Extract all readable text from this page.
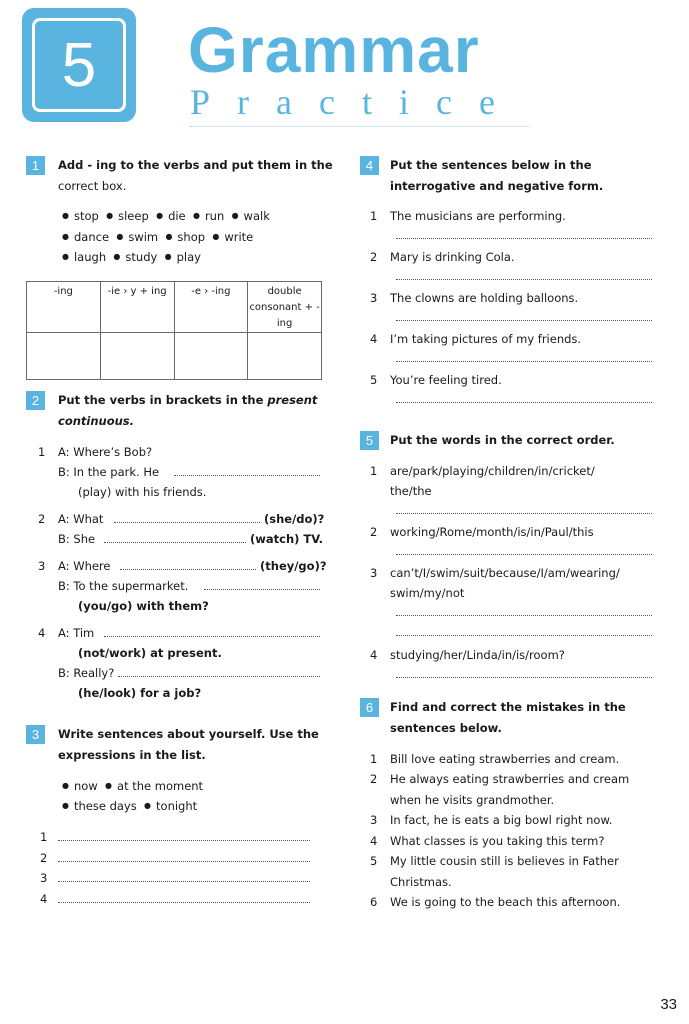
5	Grammar
Practice
1	Add - ing to the verbs and put them in the
correct box.
● stop ● sleep ● die ● run ● walk
● dance ● swim ● shop ● write
● laugh ● study ● play
-ing	-ie › y + ing	-e › -ing	double consonant + -ing

2	Put the verbs in brackets in the present
continuous.
1 A: Where’s Bob?
B: In the park. He
(play) with his friends.
2 A: What	(she/do)?
B: She	(watch) TV.
3 A: Where	(they/go)?
B: To the supermarket.
(you/go) with them?
4 A: Tim
(not/work) at present.
B: Really?
(he/look) for a job?
3	Write sentences about yourself. Use the
expressions in the list.
● now ● at the moment
● these days ● tonight
1
2
3
4
4	Put the sentences below in the
interrogative and negative form.
1 The musicians are performing.
2 Mary is drinking Cola.
3 The clowns are holding balloons.
4 I’m taking pictures of my friends.
5 You’re feeling tired.
5	Put the words in the correct order.
1 are/park/playing/children/in/cricket/
the/the
2 working/Rome/month/is/in/Paul/this
3 can’t/I/swim/suit/because/I/am/wearing/
swim/my/not
4 studying/her/Linda/in/is/room?
6	Find and correct the mistakes in the
sentences below.
1 Bill love eating strawberries and cream.
2 He always eating strawberries and cream
when he visits grandmother.
3 In fact, he is eats a big bowl right now.
4 What classes is you taking this term?
5 My little cousin still is believes in Father
Christmas.
6 We is going to the beach this afternoon.
33
